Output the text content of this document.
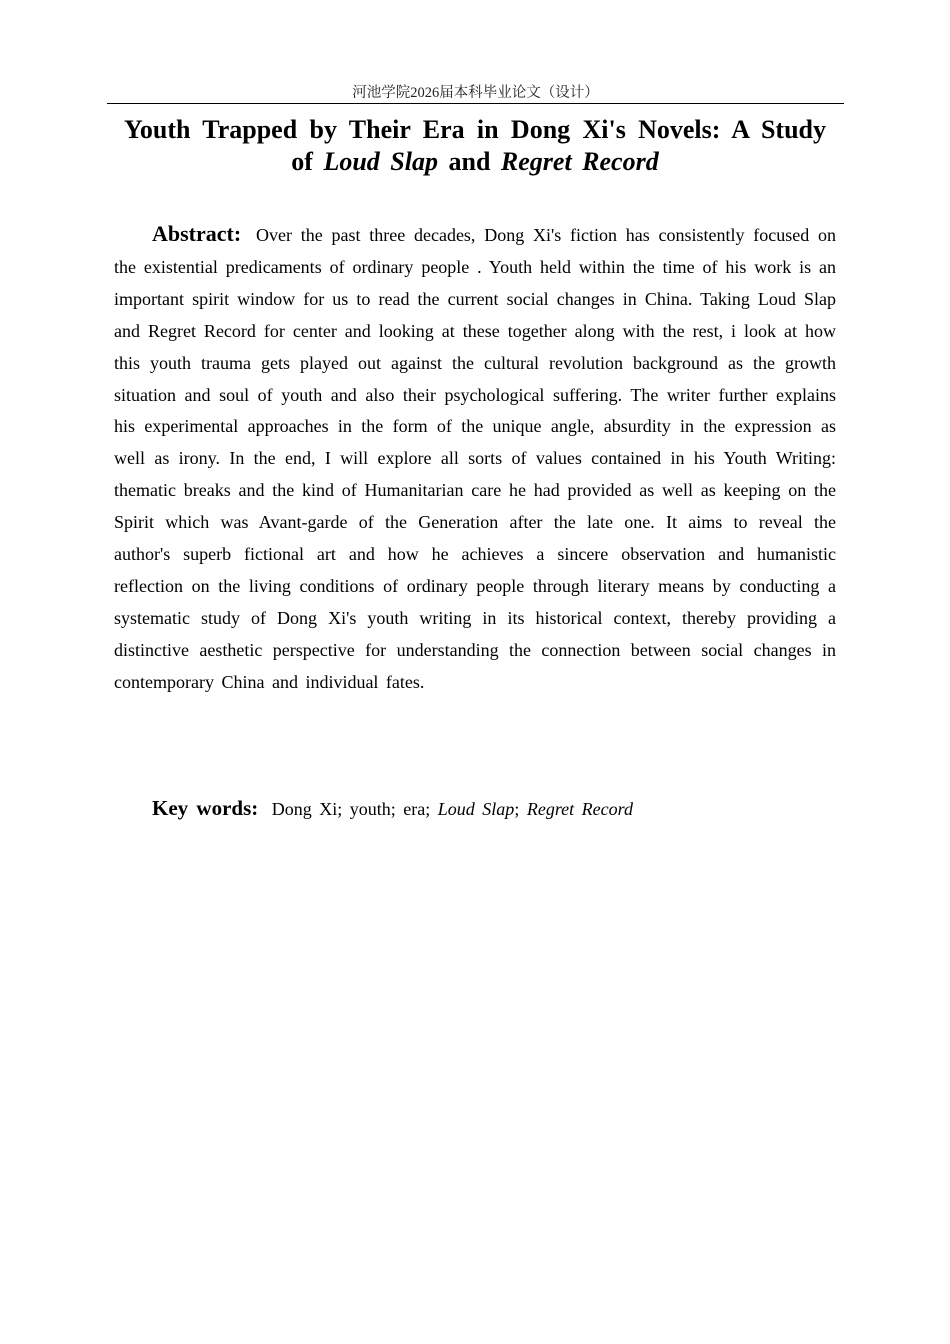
河池学院2026届本科毕业论文（设计）
Youth Trapped by Their Era in Dong Xi's Novels: A Study
of Loud Slap and Regret Record
Abstract: Over the past three decades, Dong Xi's fiction has consistently focused on the existential predicaments of ordinary people . Youth held within the time of his work is an important spirit window for us to read the current social changes in China. Taking Loud Slap and Regret Record for center and looking at these together along with the rest, i look at how this youth trauma gets played out against the cultural revolution background as the growth situation and soul of youth and also their psychological suffering. The writer further explains his experimental approaches in the form of the unique angle, absurdity in the expression as well as irony. In the end, I will explore all sorts of values contained in his Youth Writing: thematic breaks and the kind of Humanitarian care he had provided as well as keeping on the Spirit which was Avant-garde of the Generation after the late one. It aims to reveal the author's superb fictional art and how he achieves a sincere observation and humanistic reflection on the living conditions of ordinary people through literary means by conducting a systematic study of Dong Xi's youth writing in its historical context, thereby providing a distinctive aesthetic perspective for understanding the connection between social changes in contemporary China and individual fates.
Key words: Dong Xi; youth; era; Loud Slap; Regret Record
